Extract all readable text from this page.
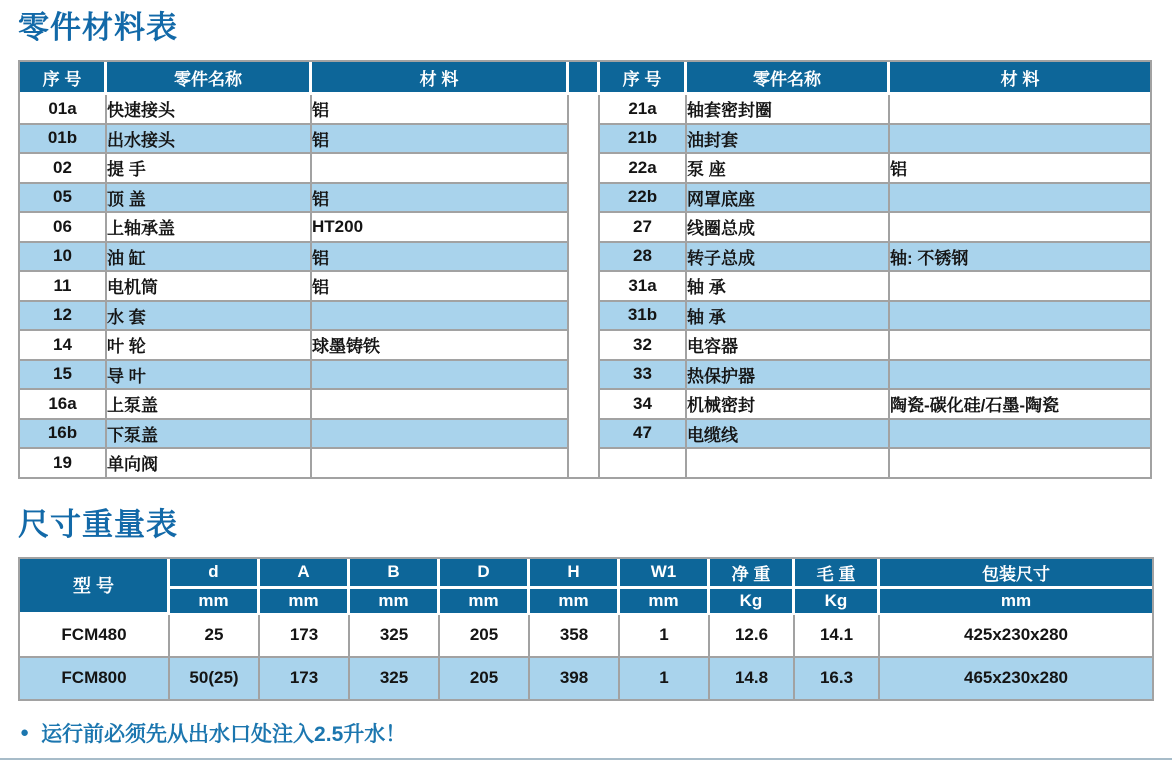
零件材料表
序 号	零件名称	材 料		序 号	零件名称	材 料
01a	快速接头	铝		21a	轴套密封圈	
01b	出水接头	铝		21b	油封套	
02	提 手			22a	泵 座	铝
05	顶 盖	铝		22b	网罩底座	
06	上轴承盖	HT200		27	线圈总成	
10	油 缸	铝		28	转子总成	轴: 不锈钢
11	电机筒	铝		31a	轴 承	
12	水 套			31b	轴 承	
14	叶 轮	球墨铸铁		32	电容器	
15	导 叶			33	热保护器	
16a	上泵盖			34	机械密封	陶瓷-碳化硅/石墨-陶瓷
16b	下泵盖			47	电缆线	
19	单向阀					
尺寸重量表
型 号	d	A	B	D	H	W1	净 重	毛 重	包装尺寸
	mm	mm	mm	mm	mm	mm	Kg	Kg	mm
FCM480	25	173	325	205	358	1	12.6	14.1	425x230x280
FCM800	50(25)	173	325	205	398	1	14.8	16.3	465x230x280
● 运行前必须先从出水口处注入2.5升水！
